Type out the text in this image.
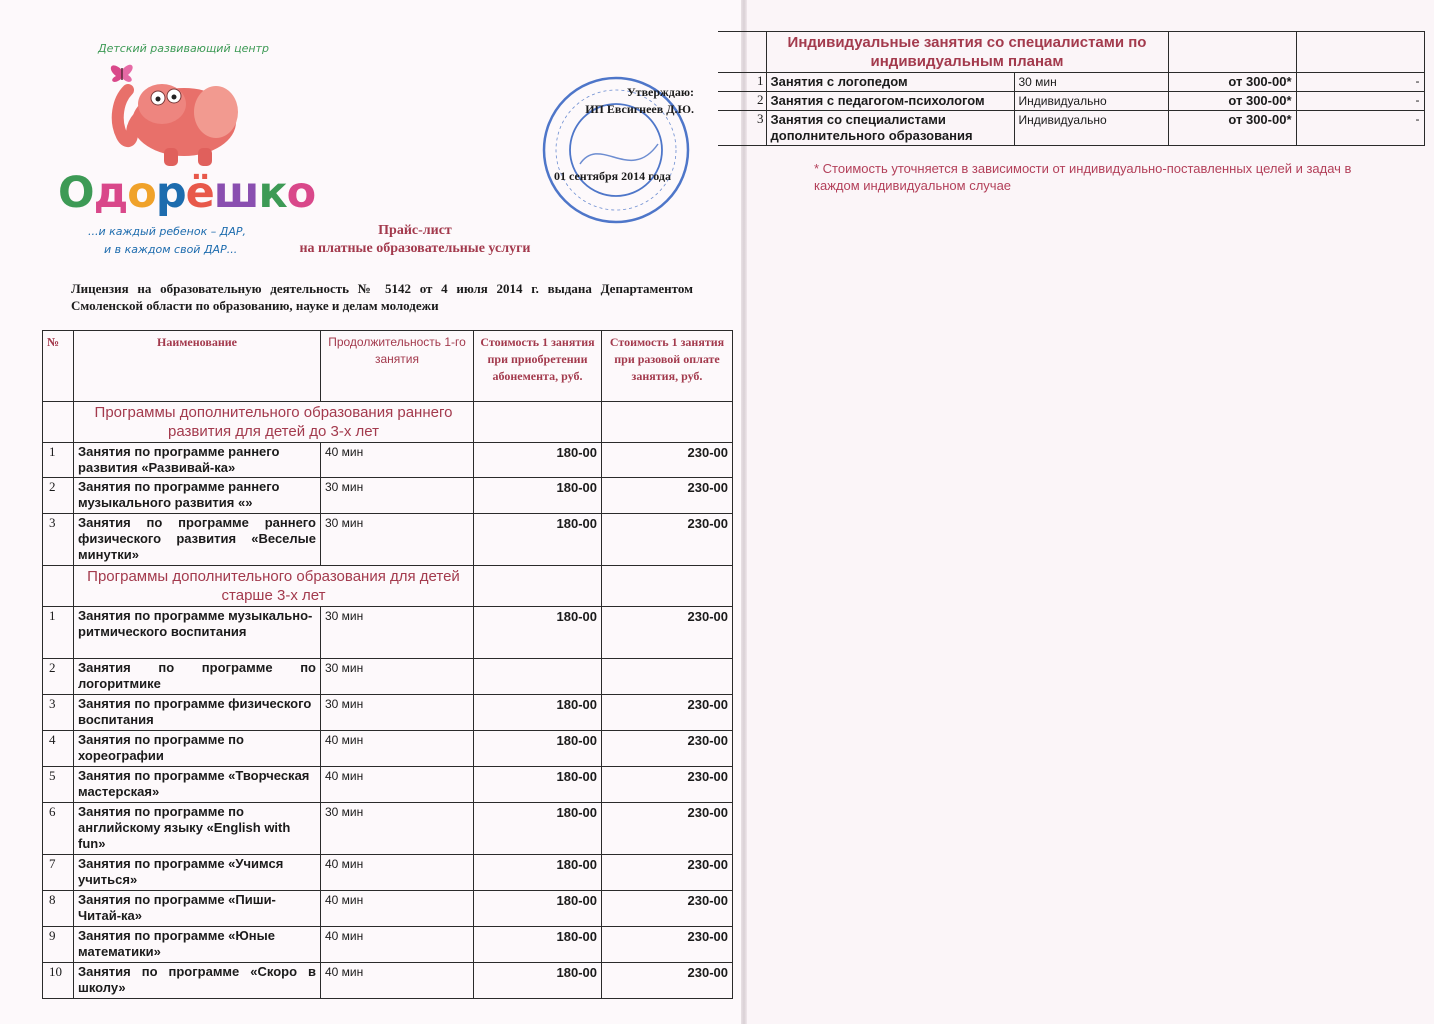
Детский развивающий центр
Одорёшко
...и каждый ребенок – ДАР,
и в каждом свой ДАР...
Утверждаю:
ИП Евсигнеев Д.Ю.
01 сентября 2014 года
Прайс-лист
на платные образовательные услуги
Лицензия на образовательную деятельность № 5142 от 4 июля 2014 г. выдана Департаментом Смоленской области по образованию, науке и делам молодежи
№	Наименование	Продолжительность 1-го занятия	Стоимость 1 занятия при приобретении абонемента, руб.	Стоимость 1 занятия при разовой оплате занятия, руб.
	Программы дополнительного образования раннего развития для детей до 3-х лет			
1	Занятия по программе раннего развития «Развивай-ка»	40 мин	180-00	230-00
2	Занятия по программе раннего музыкального развития «»	30 мин	180-00	230-00
3	Занятия по программе раннего физического развития «Веселые минутки»	30 мин	180-00	230-00
	Программы дополнительного образования для детей старше 3-х лет			
1	Занятия по программе музыкально-ритмического воспитания	30 мин	180-00	230-00
2	Занятия по программе по логоритмике	30 мин		
3	Занятия по программе физического воспитания	30 мин	180-00	230-00
4	Занятия по программе по хореографии	40 мин	180-00	230-00
5	Занятия по программе «Творческая мастерская»	40 мин	180-00	230-00
6	Занятия по программе по английскому языку «English with fun»	30 мин	180-00	230-00
7	Занятия по программе «Учимся учиться»	40 мин	180-00	230-00
8	Занятия по программе «Пиши-Читай-ка»	40 мин	180-00	230-00
9	Занятия по программе «Юные математики»	40 мин	180-00	230-00
10	Занятия по программе «Скоро в школу»	40 мин	180-00	230-00
	Индивидуальные занятия со специалистами по индивидуальным планам			
1	Занятия с логопедом	30 мин	от 300-00*	-
2	Занятия с педагогом-психологом	Индивидуально	от 300-00*	-
3	Занятия со специалистами дополнительного образования	Индивидуально	от 300-00*	-
* Стоимость уточняется в зависимости от индивидуально-поставленных целей и задач в каждом индивидуальном случае
